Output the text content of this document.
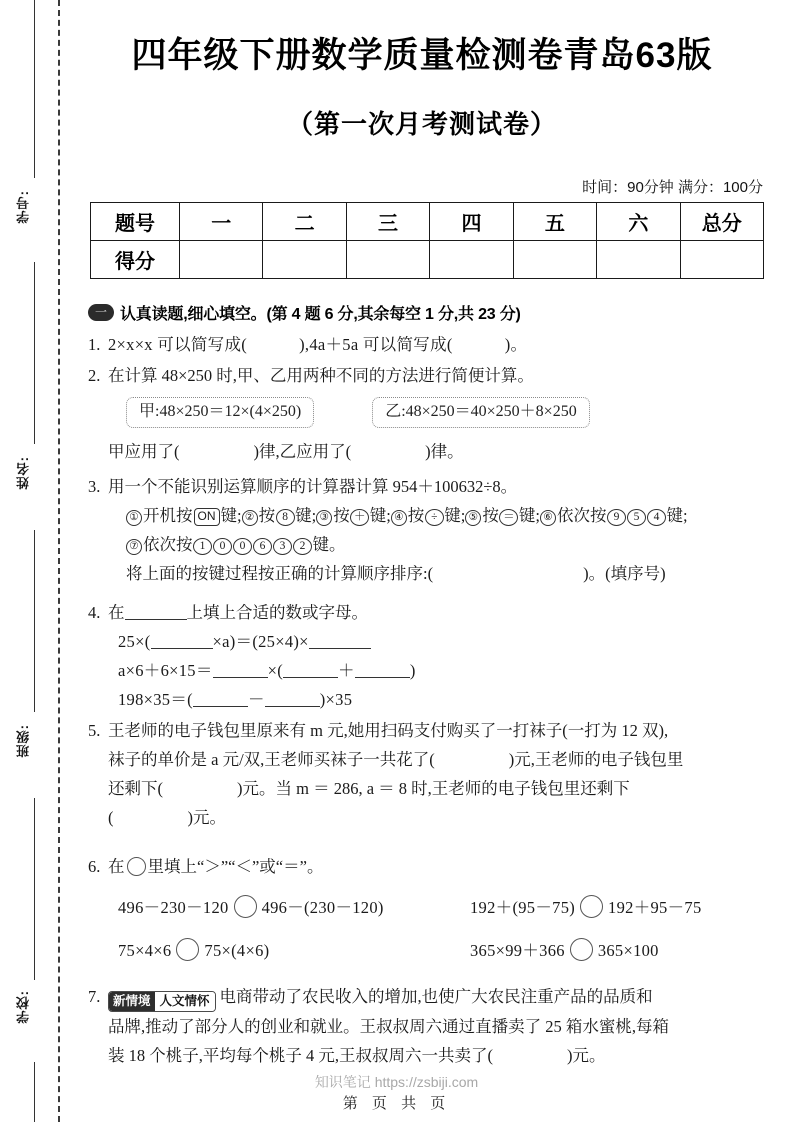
学号:
姓名:
班级:
学校:
四年级下册数学质量检测卷青岛63版
（第一次月考测试卷）
时间：90分钟 满分：100分
题号	一	二	三	四	五	六	总分
得分							
一 认真读题,细心填空。(第 4 题 6 分,其余每空 1 分,共 23 分)
1. 2×x×x 可以简写成(	),4a＋5a 可以简写成(	)。
2. 在计算 48×250 时,甲、乙用两种不同的方法进行简便计算。
甲:48×250＝12×(4×250)	乙:48×250＝40×250＋8×250
甲应用了(	)律,乙应用了(	)律。
3. 用一个不能识别运算顺序的计算器计算 954＋100632÷8。
① 开机按 ON 键; ② 按 8 键; ③ 按 ＋ 键; ④ 按 ÷ 键; ⑤ 按 ＝ 键; ⑥ 依次按 9 5 4 键;
⑦ 依次按 1 0 0 6 3 2 键。
将上面的按键过程按正确的计算顺序排序:(	)。(填序号)
4. 在	上填上合适的数或字母。
25×(	×a)＝(25×4)×
a×6＋6×15＝	×(	＋	)
198×35＝(	－	)×35
5. 王老师的电子钱包里原来有 m 元,她用扫码支付购买了一打袜子(一打为 12 双),
袜子的单价是 a 元/双,王老师买袜子一共花了(	)元,王老师的电子钱包里
还剩下(	)元。当 m ＝ 286, a ＝ 8 时,王老师的电子钱包里还剩下
(	)元。
6. 在 里填上“＞”“＜”或“＝”。
496－230－120 496－(230－120)	192＋(95－75) 192＋95－75
75×4×6 75×(4×6)	365×99＋366 365×100
7.	新情境 人文情怀 电商带动了农民收入的增加,也使广大农民注重产品的品质和
品牌,推动了部分人的创业和就业。王叔叔周六通过直播卖了 25 箱水蜜桃,每箱
装 18 个桃子,平均每个桃子 4 元,王叔叔周六一共卖了(	)元。
知识笔记 https://zsbiji.com
第 页 共 页
